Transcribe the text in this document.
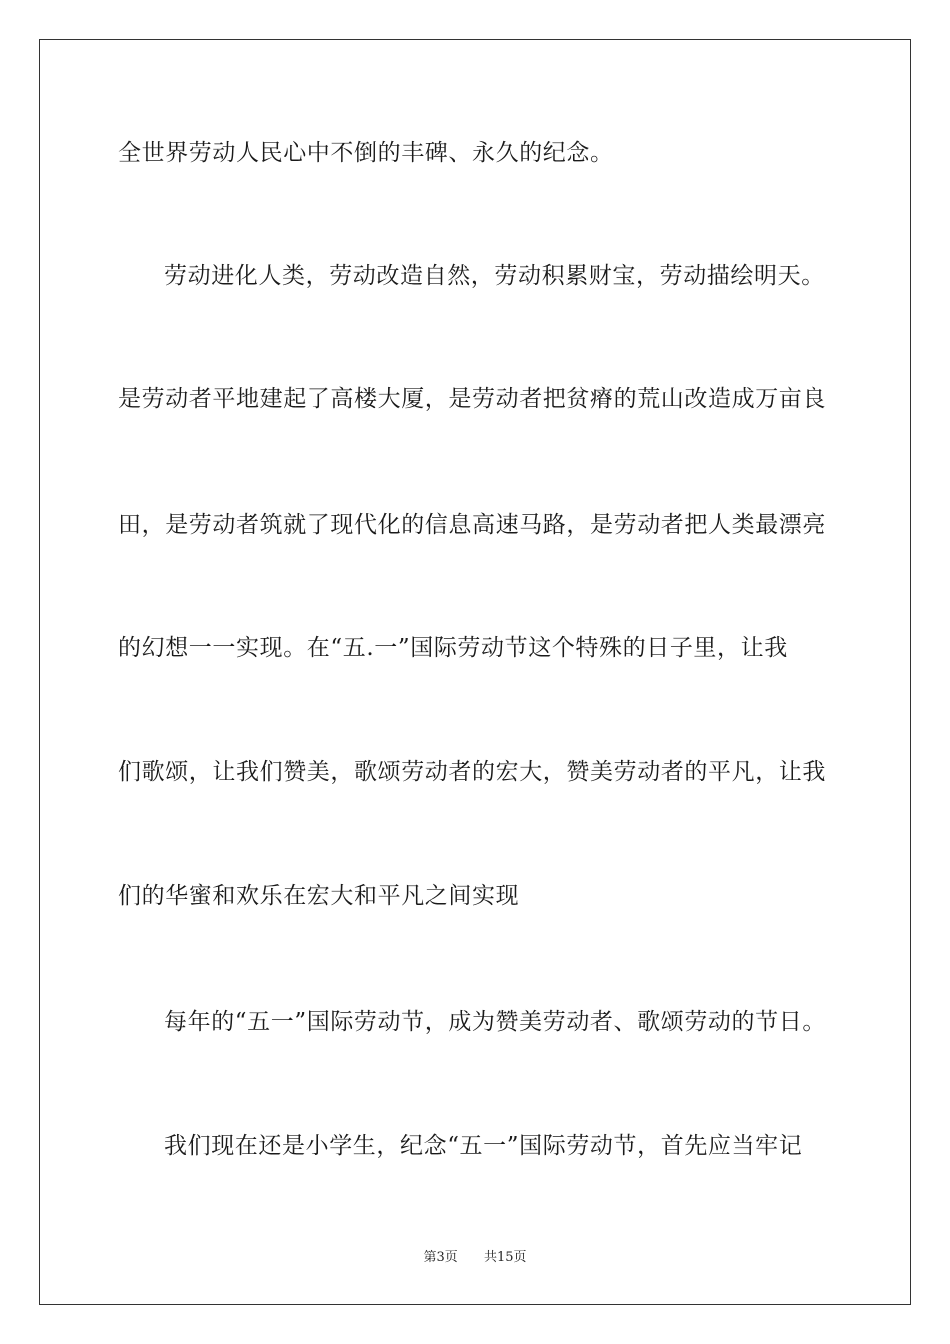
全世界劳动人民心中不倒的丰碑、永久的纪念。
劳动进化人类，劳动改造自然，劳动积累财宝，劳动描绘明天。
是劳动者平地建起了高楼大厦，是劳动者把贫瘠的荒山改造成万亩良
田，是劳动者筑就了现代化的信息高速马路，是劳动者把人类最漂亮
的幻想一一实现。在“五.一”国际劳动节这个特殊的日子里，让我
们歌颂，让我们赞美，歌颂劳动者的宏大，赞美劳动者的平凡，让我
们的华蜜和欢乐在宏大和平凡之间实现
每年的“五一”国际劳动节，成为赞美劳动者、歌颂劳动的节日。
我们现在还是小学生，纪念“五一”国际劳动节，首先应当牢记
第3页 共15页
